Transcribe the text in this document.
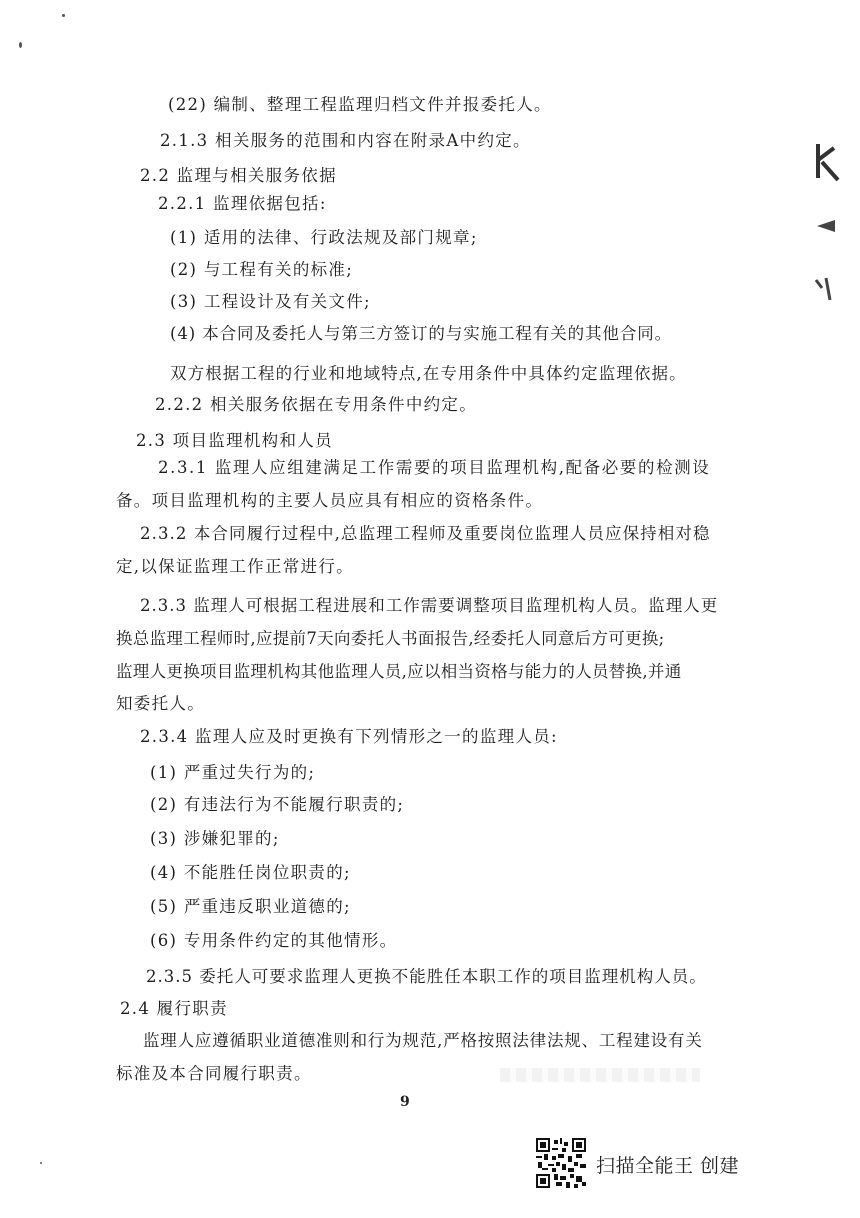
(22) 编制、整理工程监理归档文件并报委托人。
2.1.3 相关服务的范围和内容在附录A中约定。
2.2 监理与相关服务依据
2.2.1 监理依据包括:
(1) 适用的法律、行政法规及部门规章;
(2) 与工程有关的标准;
(3) 工程设计及有关文件;
(4) 本合同及委托人与第三方签订的与实施工程有关的其他合同。
双方根据工程的行业和地域特点,在专用条件中具体约定监理依据。
2.2.2 相关服务依据在专用条件中约定。
2.3 项目监理机构和人员
2.3.1 监理人应组建满足工作需要的项目监理机构,配备必要的检测设
备。项目监理机构的主要人员应具有相应的资格条件。
2.3.2 本合同履行过程中,总监理工程师及重要岗位监理人员应保持相对稳
定,以保证监理工作正常进行。
2.3.3 监理人可根据工程进展和工作需要调整项目监理机构人员。监理人更
换总监理工程师时,应提前7天向委托人书面报告,经委托人同意后方可更换;
监理人更换项目监理机构其他监理人员,应以相当资格与能力的人员替换,并通
知委托人。
2.3.4 监理人应及时更换有下列情形之一的监理人员:
(1) 严重过失行为的;
(2) 有违法行为不能履行职责的;
(3) 涉嫌犯罪的;
(4) 不能胜任岗位职责的;
(5) 严重违反职业道德的;
(6) 专用条件约定的其他情形。
2.3.5 委托人可要求监理人更换不能胜任本职工作的项目监理机构人员。
2.4 履行职责
监理人应遵循职业道德准则和行为规范,严格按照法律法规、工程建设有关
标准及本合同履行职责。
9
扫描全能王 创建
